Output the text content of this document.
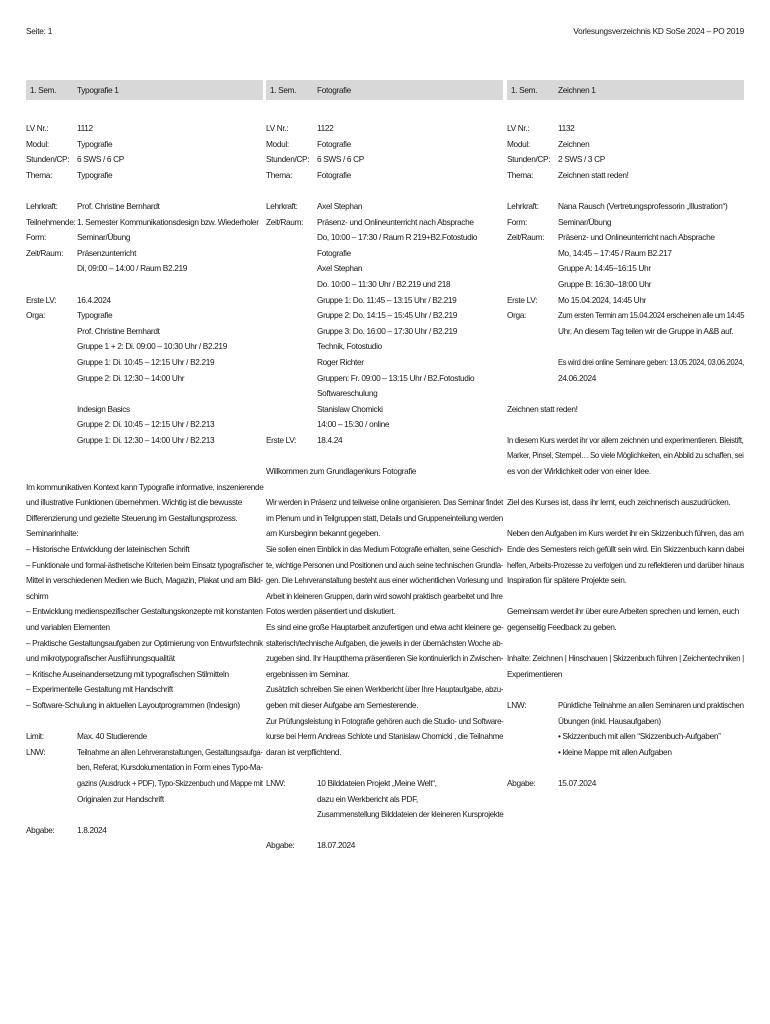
Seite: 1	Vorlesungsverzeichnis KD SoSe 2024 – PO 2019
1. Sem.	Typografie 1
LV Nr.:	1112
Modul:	Typografie
Stunden/CP: 6 SWS / 6 CP
Thema:	Typografie
Lehrkraft:	Prof. Christine Bernhardt
Teilnehmende: 1. Semester Kommunikationsdesign bzw. Wiederholer
Form:	Seminar/Übung
Zeit/Raum:	Präsenzunterricht
Di, 09:00 – 14:00 / Raum B2.219
Erste LV:	16.4.2024
Orga:	Typografie
Prof. Christine Bernhardt
Gruppe 1 + 2: Di. 09:00 – 10:30 Uhr / B2.219
Gruppe 1: Di. 10:45 – 12:15 Uhr / B2.219
Gruppe 2: Di. 12:30 – 14:00 Uhr

Indesign Basics
Gruppe 2: Di. 10:45 – 12:15 Uhr / B2.213
Gruppe 1: Di. 12:30 – 14:00 Uhr / B2.213
Im kommunikativen Kontext kann Typografie informative, inszenierende
und illustrative Funktionen übernehmen. Wichtig ist die bewusste
Differenzierung und gezielte Steuerung im Gestaltungsprozess.
Seminarinhalte:
– Historische Entwicklung der lateinischen Schrift
– Funktionale und formal-ästhetische Kriterien beim Einsatz typografischer
Mittel in verschiedenen Medien wie Buch, Magazin, Plakat und am Bild-
schirm
– Entwicklung medienspezifischer Gestaltungskonzepte mit konstanten
und variablen Elementen
– Praktische Gestaltungsaufgaben zur Optimierung von Entwurfstechnik
und mikrotypografischer Ausführungsqualität
– Kritische Auseinandersetzung mit typografischen Stilmitteln
– Experimentelle Gestaltung mit Handschrift
– Software-Schulung in aktuellen Layoutprogrammen (Indesign)
Limit:	Max. 40 Studierende
LNW:	Teilnahme an allen Lehrveranstaltungen, Gestaltungsaufga-
ben, Referat, Kursdokumentation in Form eines Typo-Ma-
gazins (Ausdruck + PDF), Typo-Skizzenbuch und Mappe mit
Originalen zur Handschrift
Abgabe:	1.8.2024
1. Sem.	Fotografie
LV Nr.:	1122
Modul:	Fotografie
Stunden/CP: 6 SWS / 6 CP
Thema:	Fotografie
Lehrkraft:	Axel Stephan
Zeit/Raum:	Präsenz- und Onlineunterricht nach Absprache
Do, 10:00 – 17:30 / Raum R 219+B2.Fotostudio
Fotografie
Axel Stephan
Do. 10:00 – 11:30 Uhr / B2.219 und 218
Gruppe 1: Do. 11:45 – 13:15 Uhr / B2.219
Gruppe 2: Do. 14:15 – 15:45 Uhr / B2.219
Gruppe 3: Do. 16:00 – 17:30 Uhr / B2.219
Technik, Fotostudio
Roger Richter
Gruppen: Fr. 09:00 – 13:15 Uhr / B2.Fotostudio
Softwareschulung
Stanislaw Chomicki
14:00 – 15:30 / online
Erste LV:	18.4.24
Willkommen zum Grundlagenkurs Fotografie
Wir werden in Präsenz und teilweise online organisieren. Das Seminar findet
im Plenum und in Teilgruppen statt, Details und Gruppeneinteilung werden
am Kursbeginn bekannt gegeben.
Sie sollen einen Einblick in das Medium Fotografie erhalten, seine Geschich-
te, wichtige Personen und Positionen und auch seine technischen Grundla-
gen. Die Lehrveranstaltung besteht aus einer wöchentlichen Vorlesung und
Arbeit in kleineren Gruppen, darin wird sowohl praktisch gearbeitet und Ihre
Fotos werden päsentiert und diskutiert.
Es sind eine große Hauptarbeit anzufertigen und etwa acht kleinere ge-
stalterisch/technische Aufgaben, die jeweils in der übernächsten Woche ab-
zugeben sind. Ihr Hauptthema präsentieren Sie kontinuierlich in Zwischen-
ergebnissen im Seminar.
Zusätzlich schreiben Sie einen Werkbericht über Ihre Hauptaufgabe, abzu-
geben mit dieser Aufgabe am Semesterende.
Zur Prüfungsleistung in Fotografie gehören auch die Studio- und Software-
kurse bei Herrn Andreas Schlote und Stanislaw Chomicki , die Teilnahme
daran ist verpflichtend.
LNW:	10 Bilddateien Projekt „Meine Welt“,
dazu ein Werkbericht als PDF,
Zusammenstellung Bilddateien der kleineren Kursprojekte
Abgabe:	18.07.2024
1. Sem.	Zeichnen 1
LV Nr.:	1132
Modul:	Zeichnen
Stunden/CP: 2 SWS / 3 CP
Thema:	Zeichnen statt reden!
Lehrkraft:	Nana Rausch (Vertretungsprofessorin „Illustration“)
Form:	Seminar/Übung
Zeit/Raum:	Präsenz- und Onlineunterricht nach Absprache
Mo, 14:45 – 17:45 / Raum B2.217
Gruppe A: 14:45–16:15 Uhr
Gruppe B: 16:30–18:00 Uhr
Erste LV:	Mo 15.04.2024, 14:45 Uhr
Orga:	Zum ersten Termin am 15.04.2024 erscheinen alle um 14:45
Uhr. An diesem Tag teilen wir die Gruppe in A&B auf.

Es wird drei online Seminare geben: 13.05.2024, 03.06.2024,
24.06.2024
Zeichnen statt reden!
In diesem Kurs werdet ihr vor allem zeichnen und experimentieren. Bleistift,
Marker, Pinsel, Stempel… So viele Möglichkeiten, ein Abbild zu schaffen, sei
es von der Wirklichkeit oder von einer Idee.

Ziel des Kurses ist, dass ihr lernt, euch zeichnerisch auszudrücken.

Neben den Aufgaben im Kurs werdet ihr ein Skizzenbuch führen, das am
Ende des Semesters reich gefüllt sein wird. Ein Skizzenbuch kann dabei
helfen, Arbeits-Prozesse zu verfolgen und zu reflektieren und darüber hinaus
Inspiration für spätere Projekte sein.

Gemeinsam werdet ihr über eure Arbeiten sprechen und lernen, euch
gegenseitig Feedback zu geben.

Inhalte: Zeichnen | Hinschauen | Skizzenbuch führen | Zeichentechniken |
Experimentieren
LNW:	Pünktliche Teilnahme an allen Seminaren und praktischen
Übungen (inkl. Hausaufgaben)
• Skizzenbuch mit allen “Skizzenbuch-Aufgaben”
• kleine Mappe mit allen Aufgaben
Abgabe:	15.07.2024
